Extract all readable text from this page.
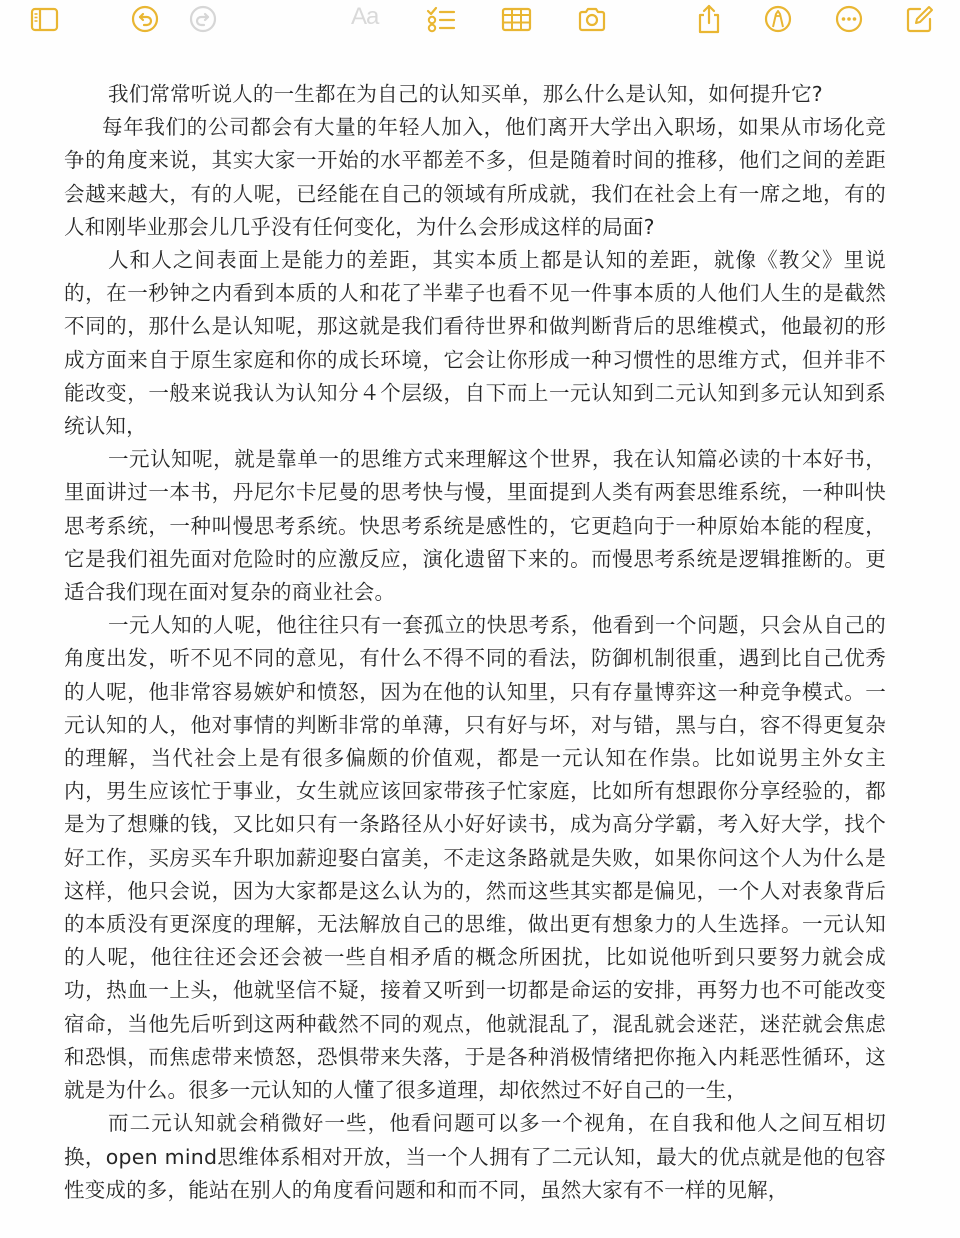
Aa

我们常常听说人的一生都在为自己的认知买单，那么什么是认知，如何提升它?

每年我们的公司都会有大量的年轻人加入，他们离开大学出入职场，如果从市场化竞争的角度来说，其实大家一开始的水平都差不多，但是随着时间的推移，他们之间的差距会越来越大，有的人呢，已经能在自己的领域有所成就，我们在社会上有一席之地，有的人和刚毕业那会儿几乎没有任何变化，为什么会形成这样的局面?

人和人之间表面上是能力的差距，其实本质上都是认知的差距，就像《教父》里说的，在一秒钟之内看到本质的人和花了半辈子也看不见一件事本质的人他们人生的是截然不同的，那什么是认知呢，那这就是我们看待世界和做判断背后的思维模式，他最初的形成方面来自于原生家庭和你的成长环境，它会让你形成一种习惯性的思维方式，但并非不能改变，一般来说我认为认知分４个层级，自下而上一元认知到二元认知到多元认知到系统认知，

一元认知呢，就是靠单一的思维方式来理解这个世界，我在认知篇必读的十本好书，里面讲过一本书，丹尼尔卡尼曼的思考快与慢，里面提到人类有两套思维系统，一种叫快思考系统，一种叫慢思考系统。快思考系统是感性的，它更趋向于一种原始本能的程度，它是我们祖先面对危险时的应激反应，演化遗留下来的。而慢思考系统是逻辑推断的。更适合我们现在面对复杂的商业社会。

一元人知的人呢，他往往只有一套孤立的快思考系，他看到一个问题，只会从自己的角度出发，听不见不同的意见，有什么不得不同的看法，防御机制很重，遇到比自己优秀的人呢，他非常容易嫉妒和愤怒，因为在他的认知里，只有存量博弈这一种竞争模式。一元认知的人，他对事情的判断非常的单薄，只有好与坏，对与错，黑与白，容不得更复杂的理解，当代社会上是有很多偏颇的价值观，都是一元认知在作祟。比如说男主外女主内，男生应该忙于事业，女生就应该回家带孩子忙家庭，比如所有想跟你分享经验的，都是为了想赚的钱，又比如只有一条路径从小好好读书，成为高分学霸，考入好大学，找个好工作，买房买车升职加薪迎娶白富美，不走这条路就是失败，如果你问这个人为什么是这样，他只会说，因为大家都是这么认为的，然而这些其实都是偏见，一个人对表象背后的本质没有更深度的理解，无法解放自己的思维，做出更有想象力的人生选择。一元认知的人呢，他往往还会还会被一些自相矛盾的概念所困扰，比如说他听到只要努力就会成功，热血一上头，他就坚信不疑，接着又听到一切都是命运的安排，再努力也不可能改变宿命，当他先后听到这两种截然不同的观点，他就混乱了，混乱就会迷茫，迷茫就会焦虑和恐惧，而焦虑带来愤怒，恐惧带来失落，于是各种消极情绪把你拖入内耗恶性循环，这就是为什么。很多一元认知的人懂了很多道理，却依然过不好自己的一生，

而二元认知就会稍微好一些，他看问题可以多一个视角，在自我和他人之间互相切换，open mind思维体系相对开放，当一个人拥有了二元认知，最大的优点就是他的包容性变成的多，能站在别人的角度看问题和和而不同，虽然大家有不一样的见解，
